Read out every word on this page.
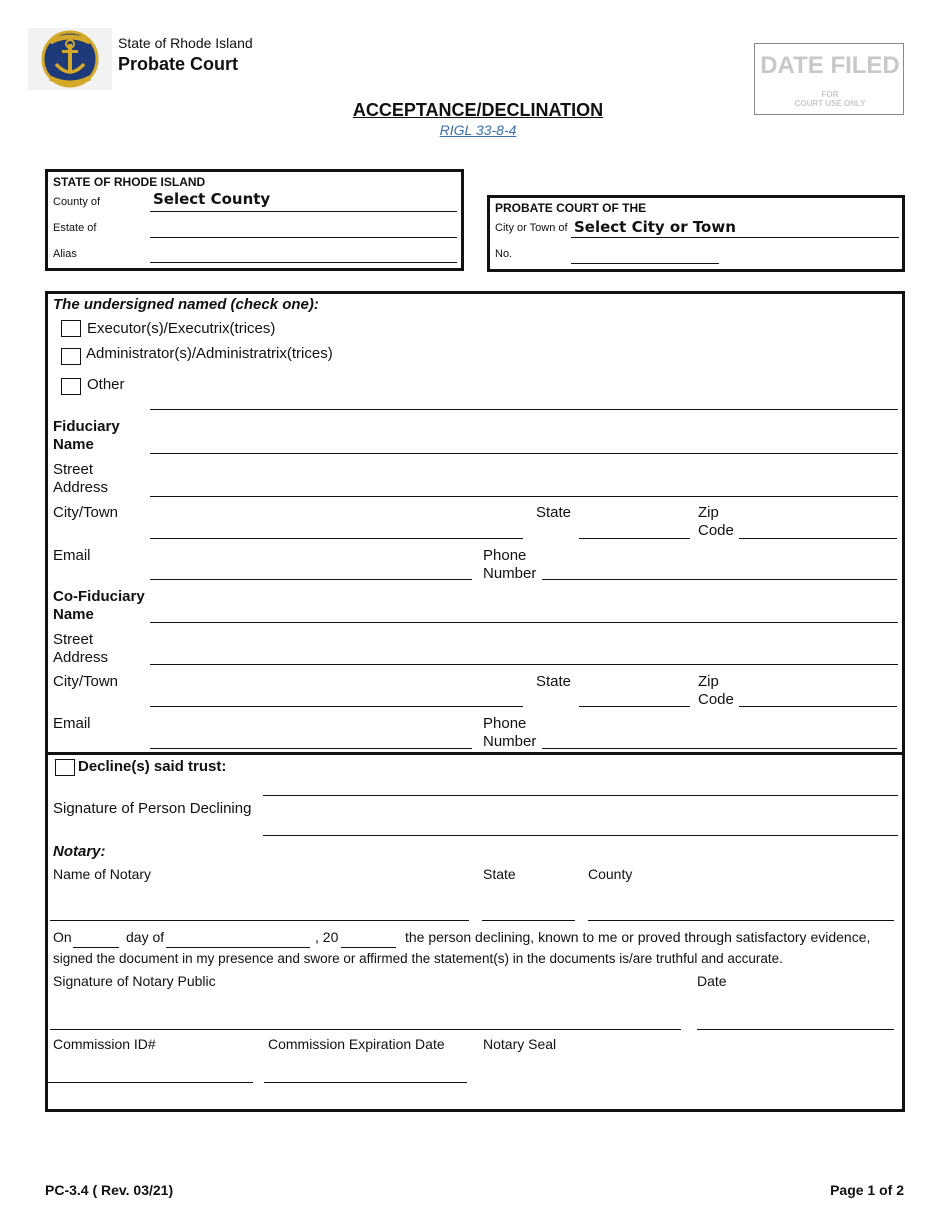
State of Rhode Island
Probate Court	DATE FILED
FOR
COURT USE ONLY
ACCEPTANCE/DECLINATION
RIGL 33-8-4
STATE OF RHODE ISLAND
County of	Select County
Estate of
Alias
PROBATE COURT OF THE
City or Town of Select City or Town
No.
The undersigned named (check one):
Executor(s)/Executrix(trices)
Administrator(s)/Administratrix(trices)
Other
Fiduciary
Name
Street
Address
City/Town	State	Zip
Code
Email	Phone
Number
Co-Fiduciary
Name
Street
Address
City/Town	State	Zip
Code
Email	Phone
Number
Decline(s) said trust:
Signature of Person Declining
Notary:
Name of Notary	State	County
On	day of	, 20	the person declining, known to me or proved through satisfactory evidence,
signed the document in my presence and swore or affirmed the statement(s) in the documents is/are truthful and accurate.
Signature of Notary Public	Date
Commission ID#	Commission Expiration Date	Notary Seal
PC-3.4 ( Rev. 03/21)	Page 1 of 2
